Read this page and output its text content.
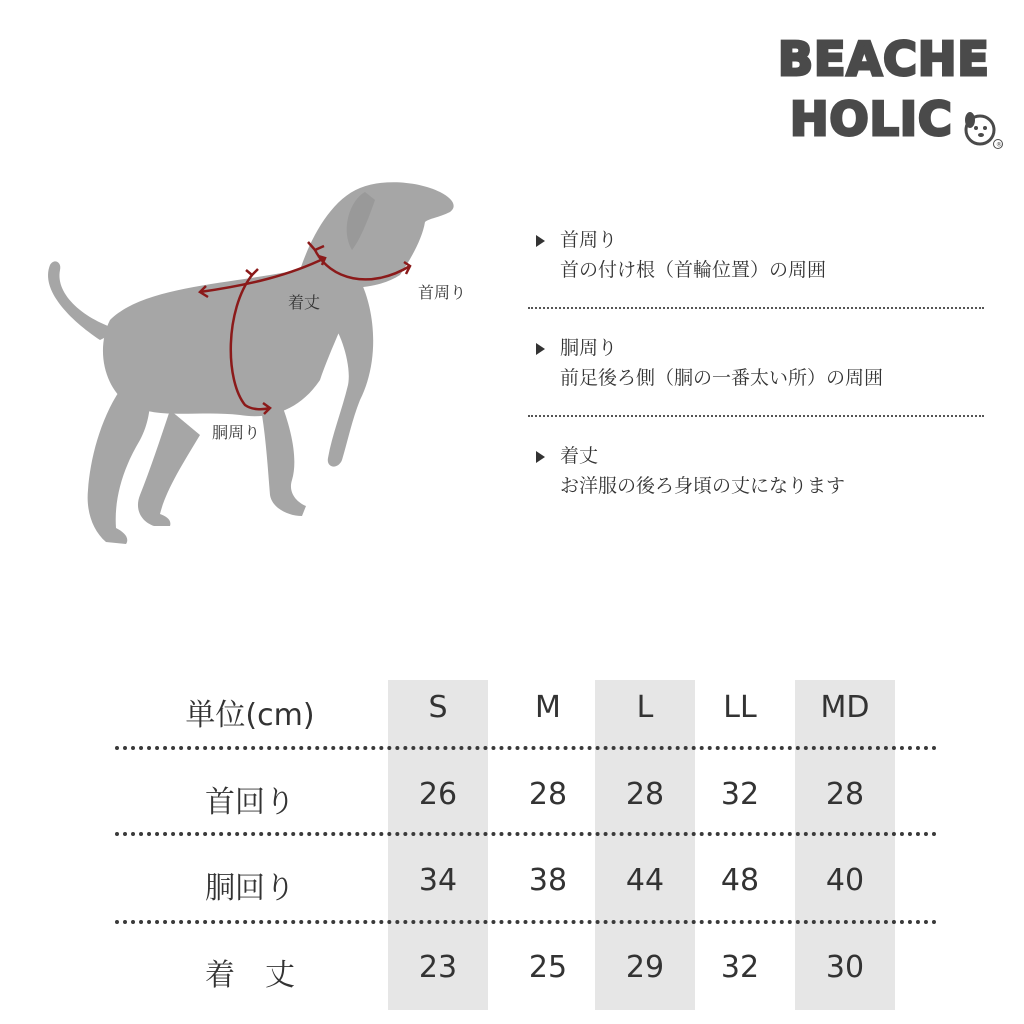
BEACHE
HOLIC	®
着丈
首周り
胴周り
首周り
首の付け根（首輪位置）の周囲
胴周り
前足後ろ側（胴の一番太い所）の周囲
着丈
お洋服の後ろ身頃の丈になります
単位(cm)	S	M	L	LL	MD
首回り	26	28	28	32	28
胴回り	34	38	44	48	40
着　丈	23	25	29	32	30
